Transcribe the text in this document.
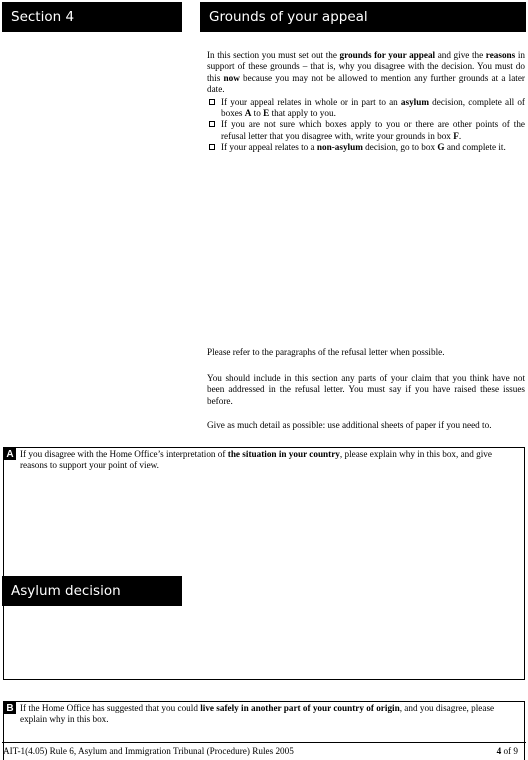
Section 4	Grounds of your appeal
Asylum decision

In this section you must set out the grounds for your appeal and give the reasons in support of these grounds – that is, why you disagree with the decision. You must do this now because you may not be allowed to mention any further grounds at a later date.

If your appeal relates in whole or in part to an asylum decision, complete all of boxes A to E that apply to you.
If you are not sure which boxes apply to you or there are other points of the refusal letter that you disagree with, write your grounds in box F.
If your appeal relates to a non-asylum decision, go to box G and complete it.
Please refer to the paragraphs of the refusal letter when possible.
You should include in this section any parts of your claim that you think have not been addressed in the refusal letter. You must say if you have raised these issues before.
Give as much detail as possible: use additional sheets of paper if you need to.
A If you disagree with the Home Office’s interpretation of the situation in your country, please explain why in this box, and give reasons to support your point of view.
B If the Home Office has suggested that you could live safely in another part of your country of origin, and you disagree, please explain why in this box.
AIT-1(4.05) Rule 6, Asylum and Immigration Tribunal (Procedure) Rules 2005	4 of 9
